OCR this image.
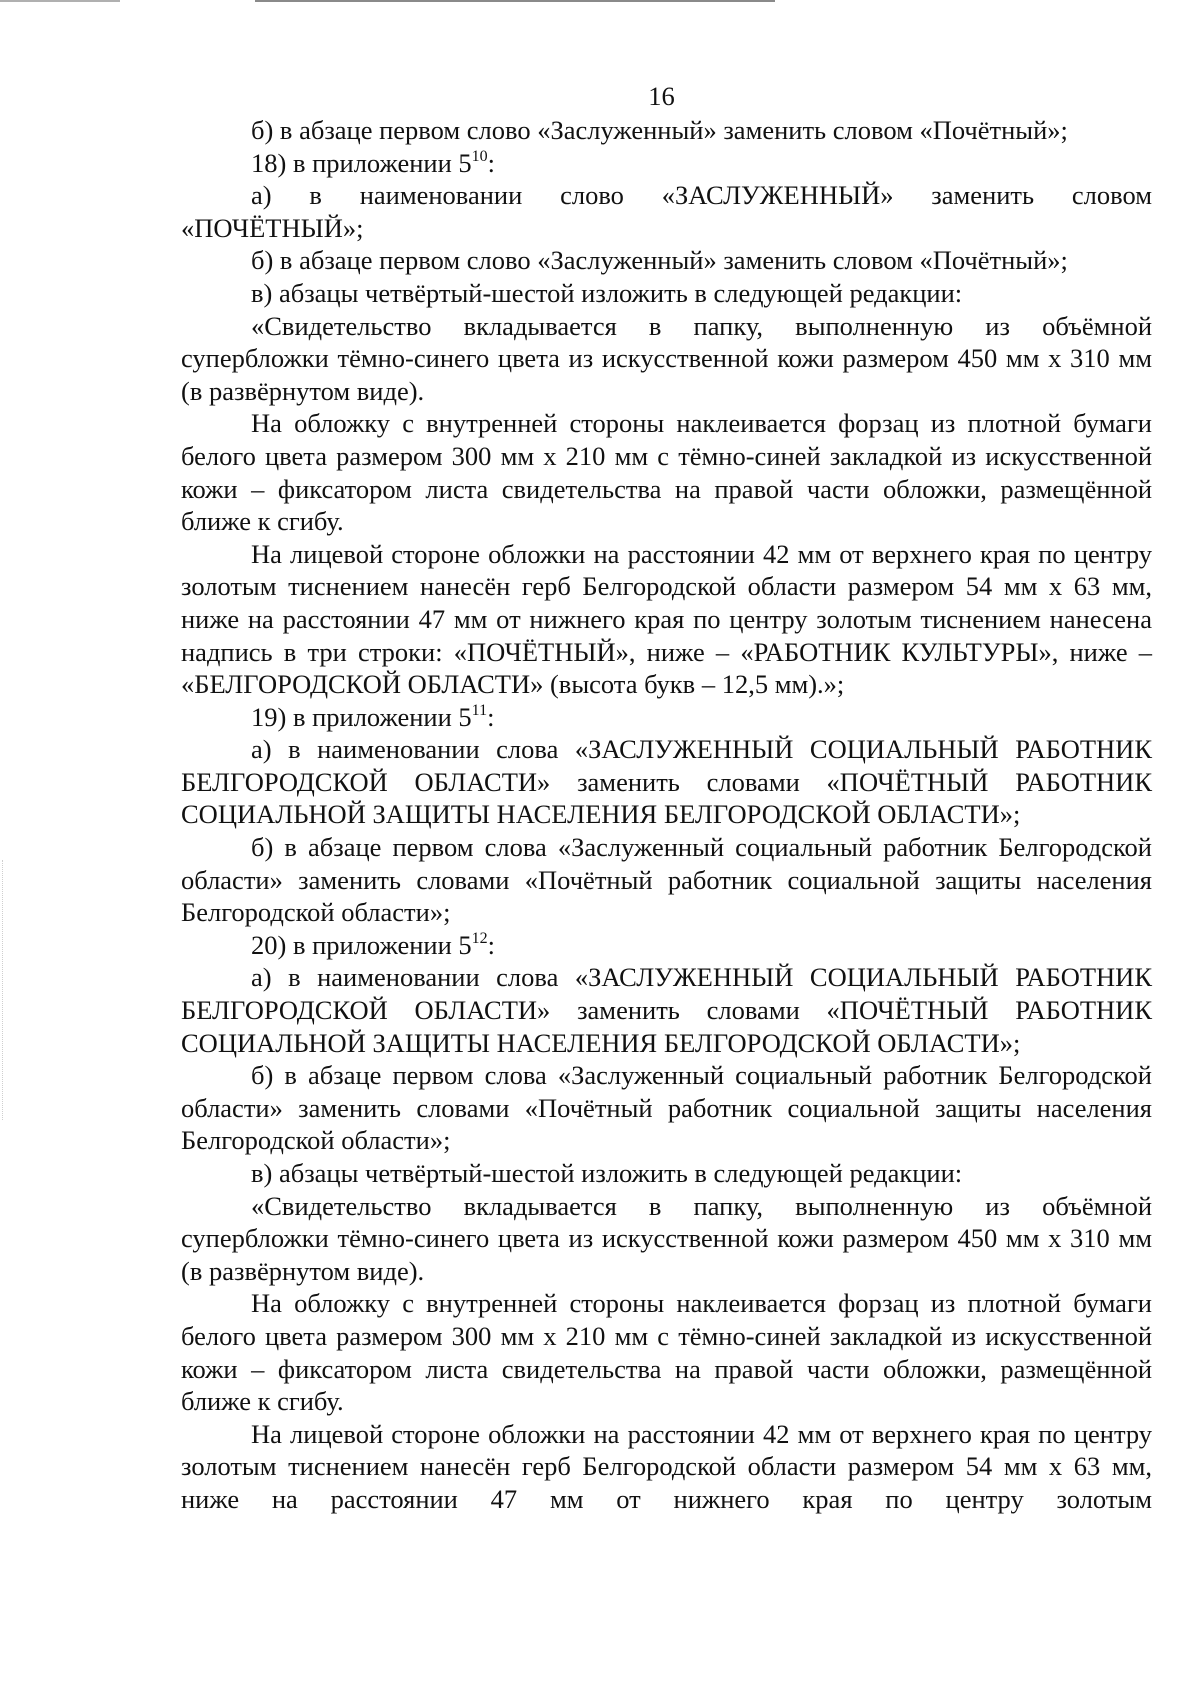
16

б) в абзаце первом слово «Заслуженный» заменить словом «Почётный»;

18) в приложении $5^{10}$:

а) в наименовании слово «ЗАСЛУЖЕННЫЙ» заменить словом «ПОЧЁТНЫЙ»;

б) в абзаце первом слово «Заслуженный» заменить словом «Почётный»;

в) абзацы четвёртый-шестой изложить в следующей редакции:

«Свидетельство вкладывается в папку, выполненную из объёмной супербложки тёмно-синего цвета из искусственной кожи размером 450 мм х 310 мм (в развёрнутом виде).

На обложку с внутренней стороны наклеивается форзац из плотной бумаги белого цвета размером 300 мм х 210 мм с тёмно-синей закладкой из искусственной кожи – фиксатором листа свидетельства на правой части обложки, размещённой ближе к сгибу.

На лицевой стороне обложки на расстоянии 42 мм от верхнего края по центру золотым тиснением нанесён герб Белгородской области размером 54 мм х 63 мм, ниже на расстоянии 47 мм от нижнего края по центру золотым тиснением нанесена надпись в три строки: «ПОЧЁТНЫЙ», ниже – «РАБОТНИК КУЛЬТУРЫ», ниже – «БЕЛГОРОДСКОЙ ОБЛАСТИ» (высота букв – 12,5 мм).»;

19) в приложении $5^{11}$:

а) в наименовании слова «ЗАСЛУЖЕННЫЙ СОЦИАЛЬНЫЙ РАБОТНИК БЕЛГОРОДСКОЙ ОБЛАСТИ» заменить словами «ПОЧЁТНЫЙ РАБОТНИК СОЦИАЛЬНОЙ ЗАЩИТЫ НАСЕЛЕНИЯ БЕЛГОРОДСКОЙ ОБЛАСТИ»;

б) в абзаце первом слова «Заслуженный социальный работник Белгородской области» заменить словами «Почётный работник социальной защиты населения Белгородской области»;

20) в приложении $5^{12}$:

а) в наименовании слова «ЗАСЛУЖЕННЫЙ СОЦИАЛЬНЫЙ РАБОТНИК БЕЛГОРОДСКОЙ ОБЛАСТИ» заменить словами «ПОЧЁТНЫЙ РАБОТНИК СОЦИАЛЬНОЙ ЗАЩИТЫ НАСЕЛЕНИЯ БЕЛГОРОДСКОЙ ОБЛАСТИ»;

б) в абзаце первом слова «Заслуженный социальный работник Белгородской области» заменить словами «Почётный работник социальной защиты населения Белгородской области»;

в) абзацы четвёртый-шестой изложить в следующей редакции:

«Свидетельство вкладывается в папку, выполненную из объёмной супербложки тёмно-синего цвета из искусственной кожи размером 450 мм х 310 мм (в развёрнутом виде).

На обложку с внутренней стороны наклеивается форзац из плотной бумаги белого цвета размером 300 мм х 210 мм с тёмно-синей закладкой из искусственной кожи – фиксатором листа свидетельства на правой части обложки, размещённой ближе к сгибу.

На лицевой стороне обложки на расстоянии 42 мм от верхнего края по центру золотым тиснением нанесён герб Белгородской области размером 54 мм х 63 мм, ниже на расстоянии 47 мм от нижнего края по центру золотым
